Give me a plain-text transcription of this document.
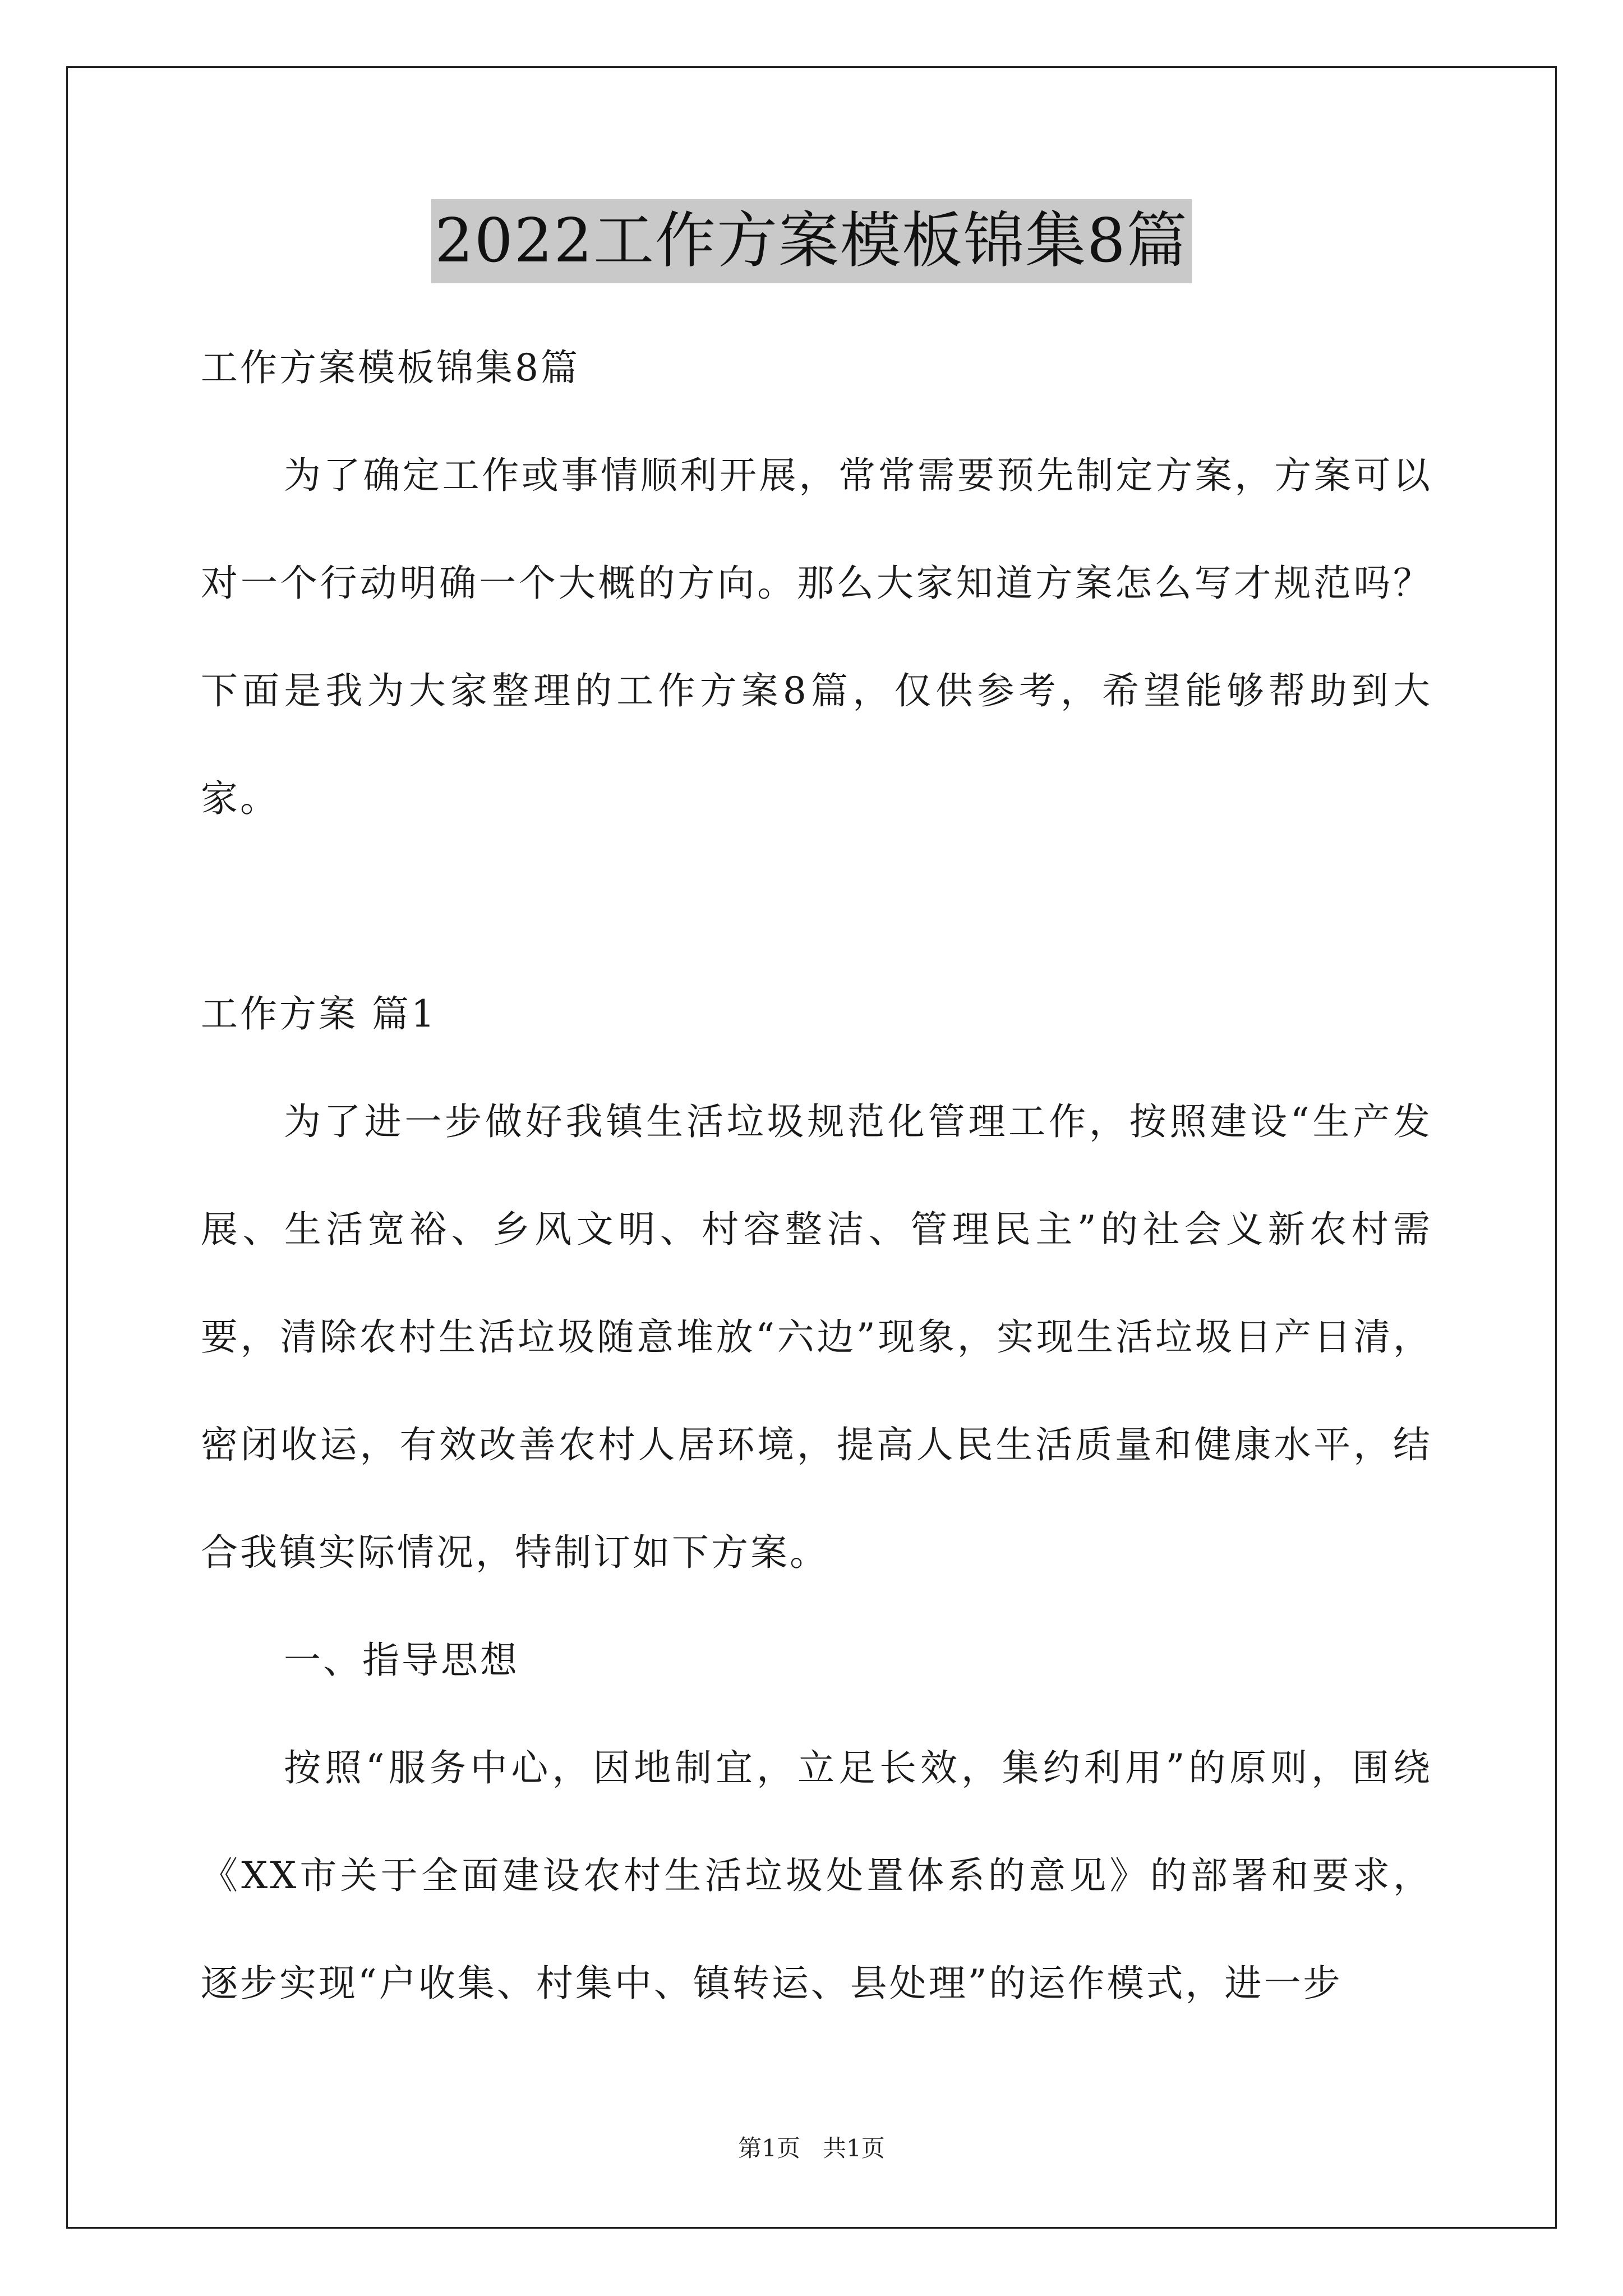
2022工作方案模板锦集8篇

工作方案模板锦集8篇

为了确定工作或事情顺利开展，常常需要预先制定方案，方案可以对一个行动明确一个大概的方向。那么大家知道方案怎么写才规范吗？下面是我为大家整理的工作方案8篇，仅供参考，希望能够帮助到大家。

工作方案 篇1

为了进一步做好我镇生活垃圾规范化管理工作，按照建设“生产发展、生活宽裕、乡风文明、村容整洁、管理民主”的社会义新农村需要，清除农村生活垃圾随意堆放“六边”现象，实现生活垃圾日产日清，密闭收运，有效改善农村人居环境，提高人民生活质量和健康水平，结合我镇实际情况，特制订如下方案。

一、指导思想

按照“服务中心，因地制宜，立足长效，集约利用”的原则，围绕《XX市关于全面建设农村生活垃圾处置体系的意见》的部署和要求，逐步实现“户收集、村集中、镇转运、县处理”的运作模式，进一步

第1页 共1页
